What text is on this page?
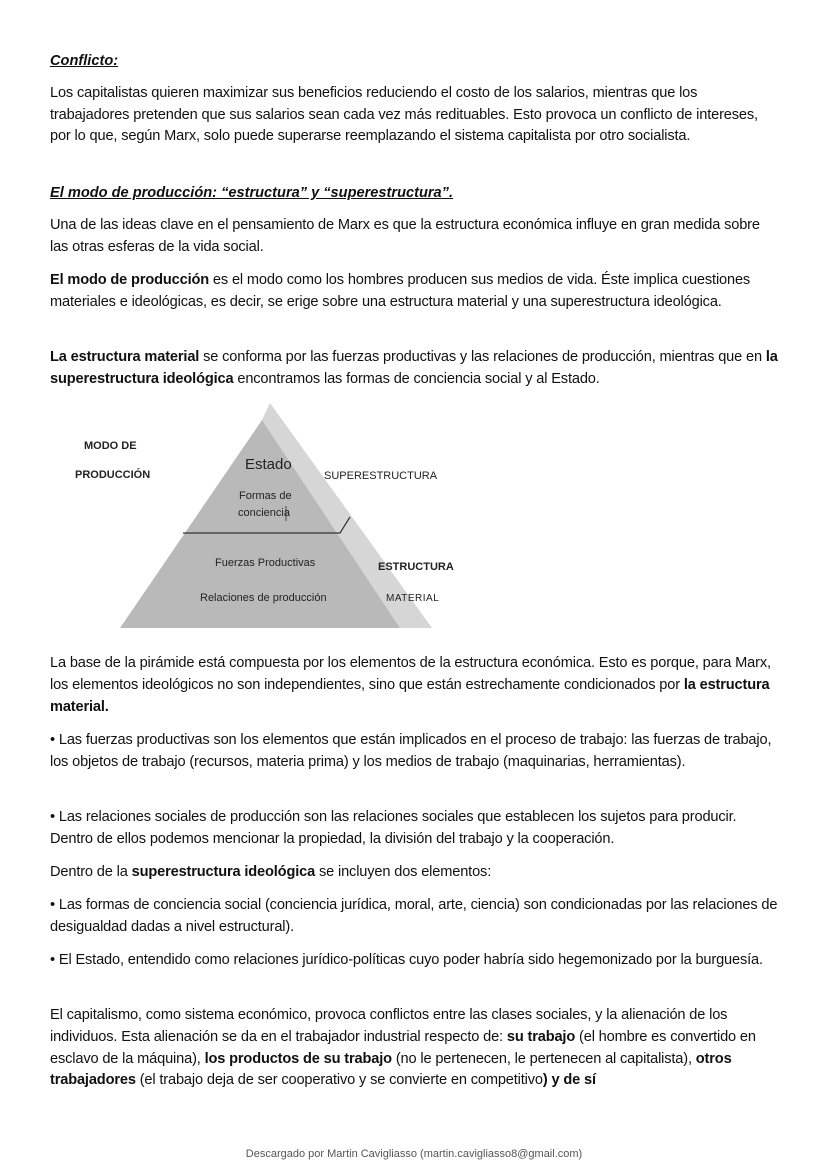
Conflicto:

Los capitalistas quieren maximizar sus beneficios reduciendo el costo de los salarios, mientras que los trabajadores pretenden que sus salarios sean cada vez más redituables. Esto provoca un conflicto de intereses, por lo que, según Marx, solo puede superarse reemplazando el sistema capitalista por otro socialista.

El modo de producción: “estructura” y “superestructura”.

Una de las ideas clave en el pensamiento de Marx es que la estructura económica influye en gran medida sobre las otras esferas de la vida social.

El modo de producción es el modo como los hombres producen sus medios de vida. Éste implica cuestiones materiales e ideológicas, es decir, se erige sobre una estructura material y una superestructura ideológica.

La estructura material se conforma por las fuerzas productivas y las relaciones de producción, mientras que en la superestructura ideológica encontramos las formas de conciencia social y al Estado.

MODO DE
PRODUCCIÓN
Estado
Formas de
conciencia
Fuerzas Productivas
Relaciones de producción
SUPERESTRUCTURA
ESTRUCTURA
MATERIAL

La base de la pirámide está compuesta por los elementos de la estructura económica. Esto es porque, para Marx, los elementos ideológicos no son independientes, sino que están estrechamente condicionados por la estructura material.

• Las fuerzas productivas son los elementos que están implicados en el proceso de trabajo: las fuerzas de trabajo, los objetos de trabajo (recursos, materia prima) y los medios de trabajo (maquinarias, herramientas).

• Las relaciones sociales de producción son las relaciones sociales que establecen los sujetos para producir. Dentro de ellos podemos mencionar la propiedad, la división del trabajo y la cooperación.

Dentro de la superestructura ideológica se incluyen dos elementos:

• Las formas de conciencia social (conciencia jurídica, moral, arte, ciencia) son condicionadas por las relaciones de desigualdad dadas a nivel estructural).

• El Estado, entendido como relaciones jurídico-políticas cuyo poder habría sido hegemonizado por la burguesía.

El capitalismo, como sistema económico, provoca conflictos entre las clases sociales, y la alienación de los individuos. Esta alienación se da en el trabajador industrial respecto de: su trabajo (el hombre es convertido en esclavo de la máquina), los productos de su trabajo (no le pertenecen, le pertenecen al capitalista), otros trabajadores (el trabajo deja de ser cooperativo y se convierte en competitivo) y de sí

Descargado por Martin Cavigliasso (martin.cavigliasso8@gmail.com)
